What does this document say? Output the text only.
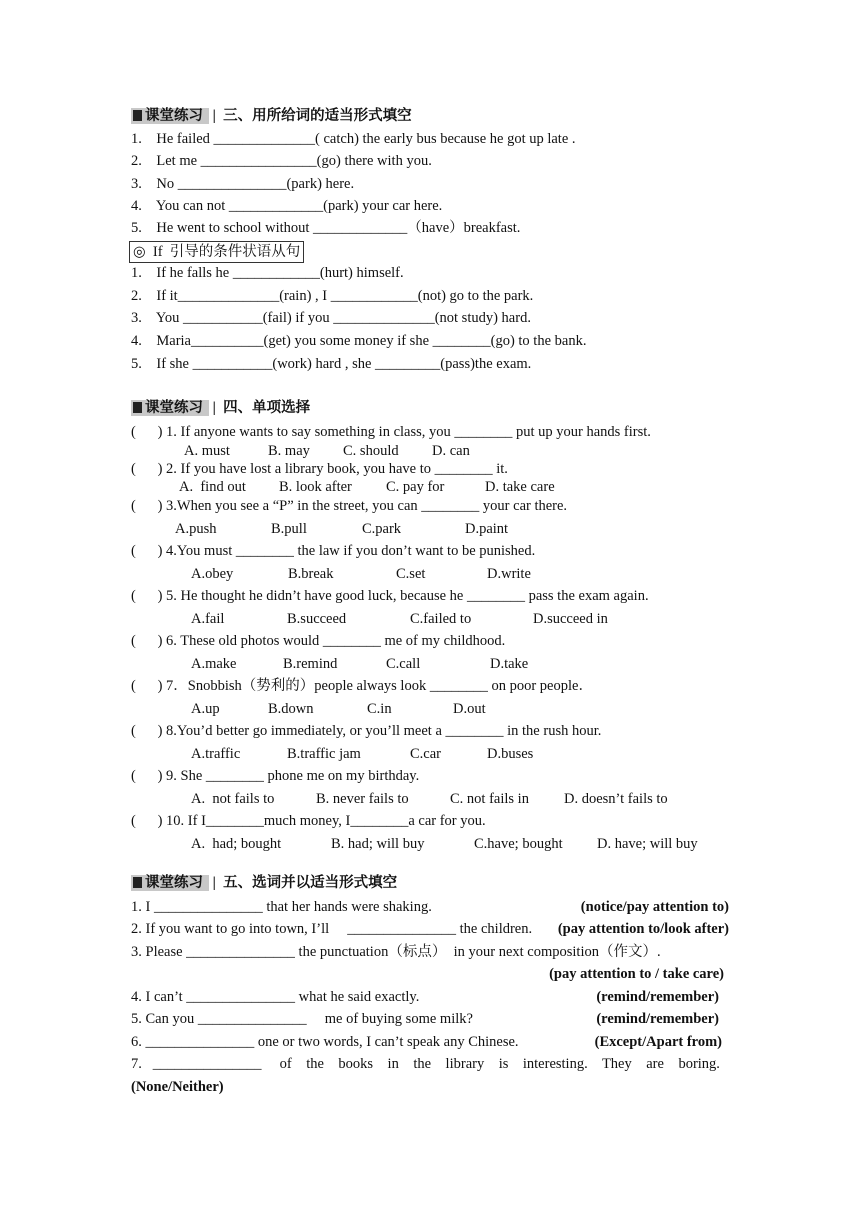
课堂练习 | 三、用所给词的适当形式填空
1.    He failed ______________( catch) the early bus because he got up late .
2.    Let me ________________(go) there with you.
3.    No _______________(park) here.
4.    You can not _____________(park) your car here.
5.    He went to school without _____________（have）breakfast.
◎  If  引导的条件状语从句
1.    If he falls he ____________(hurt) himself.
2.    If it______________(rain) , I ____________(not) go to the park.
3.    You ___________(fail) if you ______________(not study) hard.
4.    Maria__________(get) you some money if she ________(go) to the bank.
5.    If she ___________(work) hard , she _________(pass)the exam.
课堂练习 | 四、单项选择
(      ) 1. If anyone wants to say something in class, you ________ put up your hands first.
A. must	B. may C. should D. can
(      ) 2. If you have lost a library book, you have to ________ it.
A.  find out B. look after C. pay for	D. take care
(      ) 3.When you see a “P” in the street, you can ________ your car there.
A.push	B.pull	C.park	D.paint
(      ) 4.You must ________ the law if you don’t want to be punished.
A.obey	B.break	C.set	D.write
(      ) 5. He thought he didn’t have good luck, because he ________ pass the exam again.
A.fail	B.succeed	C.failed to	D.succeed in
(      ) 6. These old photos would ________ me of my childhood.
A.make	B.remind	C.call	D.take
(      ) 7．Snobbish（势利的）people always look ________ on poor people．
A.up	B.down	C.in	D.out
(      ) 8.You’d better go immediately, or you’ll meet a ________ in the rush hour.
A.traffic	B.traffic jam	C.car	D.buses
(      ) 9. She ________ phone me on my birthday.
A.  not fails to	B. never fails to	C. not fails in D. doesn’t fails to
(      ) 10. If I________much money, I________a car for you.
A.  had; bought	B. had; will buy	C.have; bought D. have; will buy
课堂练习 | 五、选词并以适当形式填空
1. I _______________ that her hands were shaking.	(notice/pay attention to)
2. If you want to go into town, I’ll     _______________ the children. (pay attention to/look after)
3. Please _______________ the punctuation（标点）  in your next composition（作文）.
(pay attention to / take care)
4. I can’t _______________ what he said exactly.	(remind/remember)
5. Can you _______________     me of buying some milk?	(remind/remember)
6. _______________ one or two words, I can’t speak any Chinese.	(Except/Apart from)
7.   _______________     of    the    books    in    the    library    is    interesting.    They    are    boring.
(None/Neither)
